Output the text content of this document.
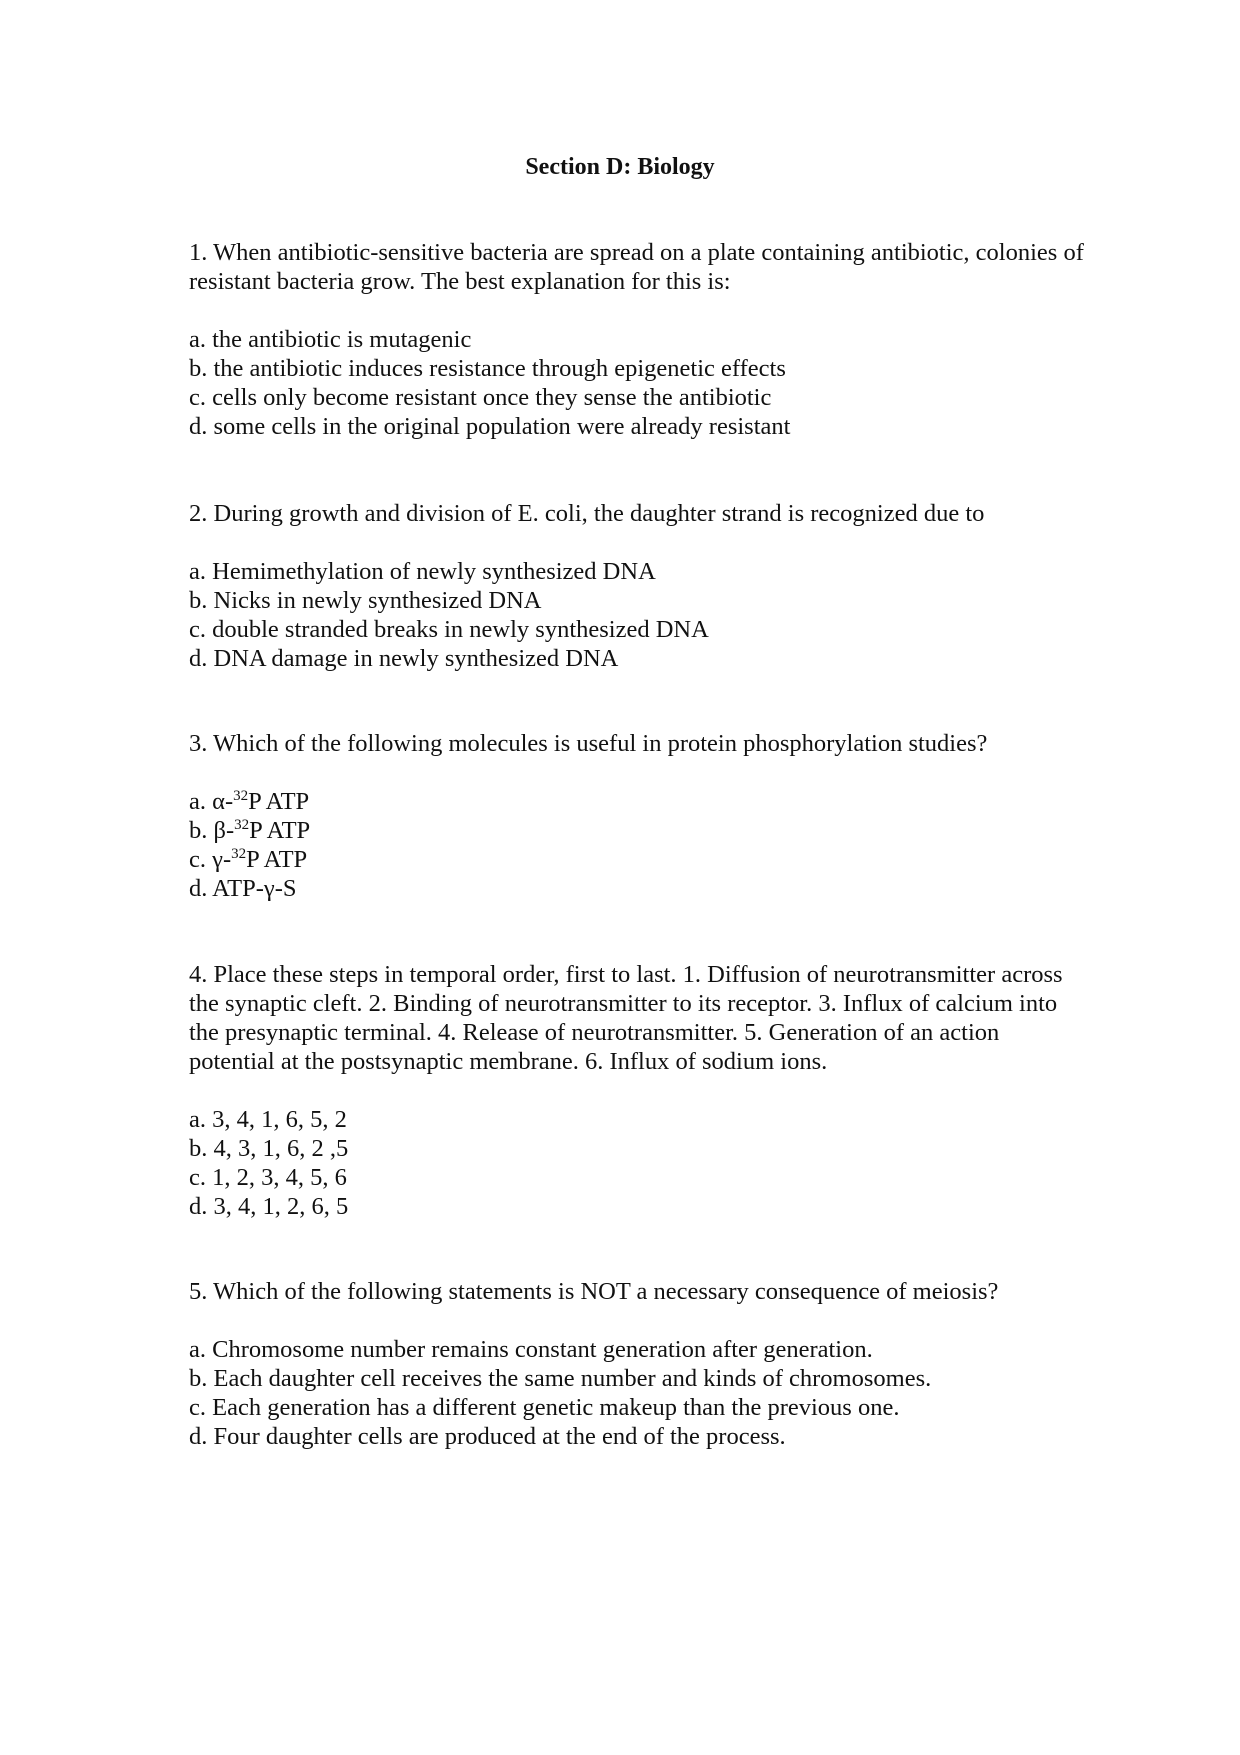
Section D: Biology

1. When antibiotic-sensitive bacteria are spread on a plate containing antibiotic, colonies of resistant bacteria grow. The best explanation for this is:

a. the antibiotic is mutagenic
b. the antibiotic induces resistance through epigenetic effects
c. cells only become resistant once they sense the antibiotic
d. some cells in the original population were already resistant

2. During growth and division of E. coli, the daughter strand is recognized due to

a. Hemimethylation of newly synthesized DNA
b. Nicks in newly synthesized DNA
c. double stranded breaks in newly synthesized DNA
d. DNA damage in newly synthesized DNA

3. Which of the following molecules is useful in protein phosphorylation studies?

a. α-$^{32}$P ATP
b. β-$^{32}$P ATP
c. γ-$^{32}$P ATP
d. ATP-γ-S

4. Place these steps in temporal order, first to last. 1. Diffusion of neurotransmitter across the synaptic cleft. 2. Binding of neurotransmitter to its receptor. 3. Influx of calcium into the presynaptic terminal. 4. Release of neurotransmitter. 5. Generation of an action potential at the postsynaptic membrane. 6. Influx of sodium ions.

a. 3, 4, 1, 6, 5, 2
b. 4, 3, 1, 6, 2 ,5
c. 1, 2, 3, 4, 5, 6
d. 3, 4, 1, 2, 6, 5

5. Which of the following statements is NOT a necessary consequence of meiosis?

a. Chromosome number remains constant generation after generation.
b. Each daughter cell receives the same number and kinds of chromosomes.
c. Each generation has a different genetic makeup than the previous one.
d. Four daughter cells are produced at the end of the process.
